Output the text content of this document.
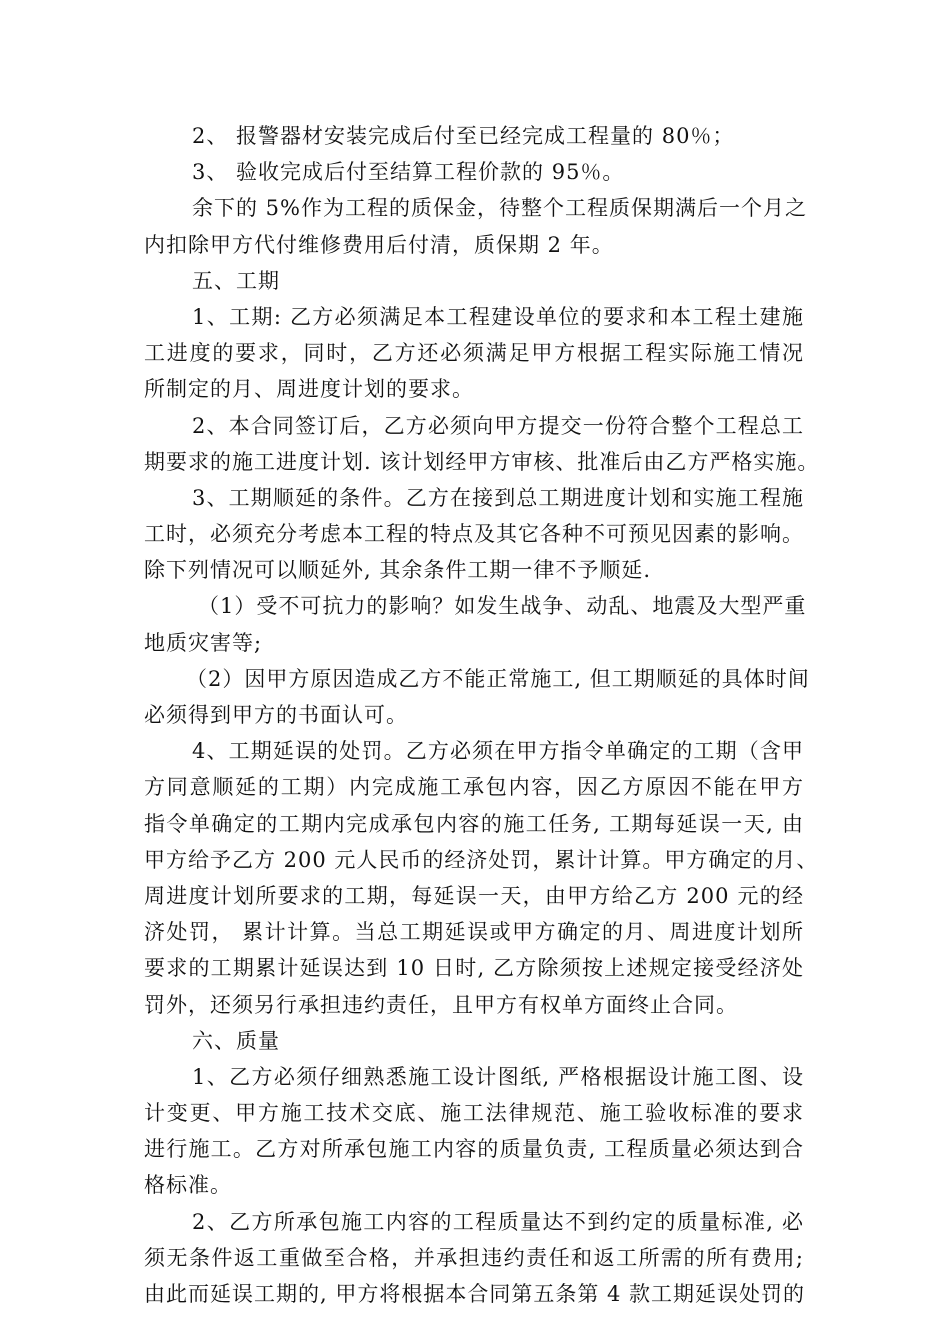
2、 报警器材安装完成后付至已经完成工程量的 80％；
3、 验收完成后付至结算工程价款的 95％。
余下的 5%作为工程的质保金，待整个工程质保期满后一个月之
内扣除甲方代付维修费用后付清，质保期 2 年。
五、工期
1、工期: 乙方必须满足本工程建设单位的要求和本工程土建施
工进度的要求，同时，乙方还必须满足甲方根据工程实际施工情况
所制定的月、周进度计划的要求。
2、本合同签订后，乙方必须向甲方提交一份符合整个工程总工
期要求的施工进度计划. 该计划经甲方审核、批准后由乙方严格实施。
3、工期顺延的条件。乙方在接到总工期进度计划和实施工程施
工时，必须充分考虑本工程的特点及其它各种不可预见因素的影响。
除下列情况可以顺延外, 其余条件工期一律不予顺延.
（1）受不可抗力的影响？如发生战争、动乱、地震及大型严重
地质灾害等;
（2）因甲方原因造成乙方不能正常施工, 但工期顺延的具体时间
必须得到甲方的书面认可。
4、工期延误的处罚。乙方必须在甲方指令单确定的工期（含甲
方同意顺延的工期）内完成施工承包内容，因乙方原因不能在甲方
指令单确定的工期内完成承包内容的施工任务, 工期每延误一天, 由
甲方给予乙方 200 元人民币的经济处罚，累计计算。甲方确定的月、
周进度计划所要求的工期，每延误一天，由甲方给乙方 200 元的经
济处罚， 累计计算。当总工期延误或甲方确定的月、周进度计划所
要求的工期累计延误达到 10 日时, 乙方除须按上述规定接受经济处
罚外，还须另行承担违约责任，且甲方有权单方面终止合同。
六、质量
1、乙方必须仔细熟悉施工设计图纸, 严格根据设计施工图、设
计变更、甲方施工技术交底、施工法律规范、施工验收标准的要求
进行施工。乙方对所承包施工内容的质量负责, 工程质量必须达到合
格标准。
2、乙方所承包施工内容的工程质量达不到约定的质量标准, 必
须无条件返工重做至合格，并承担违约责任和返工所需的所有费用;
由此而延误工期的, 甲方将根据本合同第五条第 4 款工期延误处罚的
